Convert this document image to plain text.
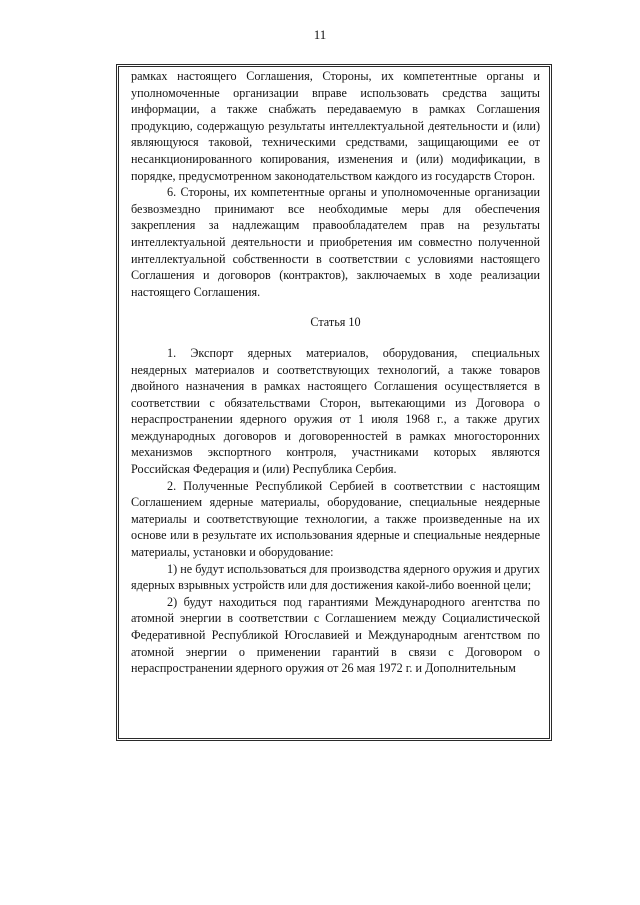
11

рамках настоящего Соглашения, Стороны, их компетентные органы и уполномоченные организации вправе использовать средства защиты информации, а также снабжать передаваемую в рамках Соглашения продукцию, содержащую результаты интеллектуальной деятельности и (или) являющуюся таковой, техническими средствами, защищающими ее от несанкционированного копирования, изменения и (или) модификации, в порядке, предусмотренном законодательством каждого из государств Сторон.

6. Стороны, их компетентные органы и уполномоченные организации безвозмездно принимают все необходимые меры для обеспечения закрепления за надлежащим правообладателем прав на результаты интеллектуальной деятельности и приобретения им совместно полученной интеллектуальной собственности в соответствии с условиями настоящего Соглашения и договоров (контрактов), заключаемых в ходе реализации настоящего Соглашения.

Статья 10

1. Экспорт ядерных материалов, оборудования, специальных неядерных материалов и соответствующих технологий, а также товаров двойного назначения в рамках настоящего Соглашения осуществляется в соответствии с обязательствами Сторон, вытекающими из Договора о нераспространении ядерного оружия от 1 июля 1968 г., а также других международных договоров и договоренностей в рамках многосторонних механизмов экспортного контроля, участниками которых являются Российская Федерация и (или) Республика Сербия.

2. Полученные Республикой Сербией в соответствии с настоящим Соглашением ядерные материалы, оборудование, специальные неядерные материалы и соответствующие технологии, а также произведенные на их основе или в результате их использования ядерные и специальные неядерные материалы, установки и оборудование:

1) не будут использоваться для производства ядерного оружия и других ядерных взрывных устройств или для достижения какой-либо военной цели;

2) будут находиться под гарантиями Международного агентства по атомной энергии в соответствии с Соглашением между Социалистической Федеративной Республикой Югославией и Международным агентством по атомной энергии о применении гарантий в связи с Договором о нераспространении ядерного оружия от 26 мая 1972 г. и Дополнительным
